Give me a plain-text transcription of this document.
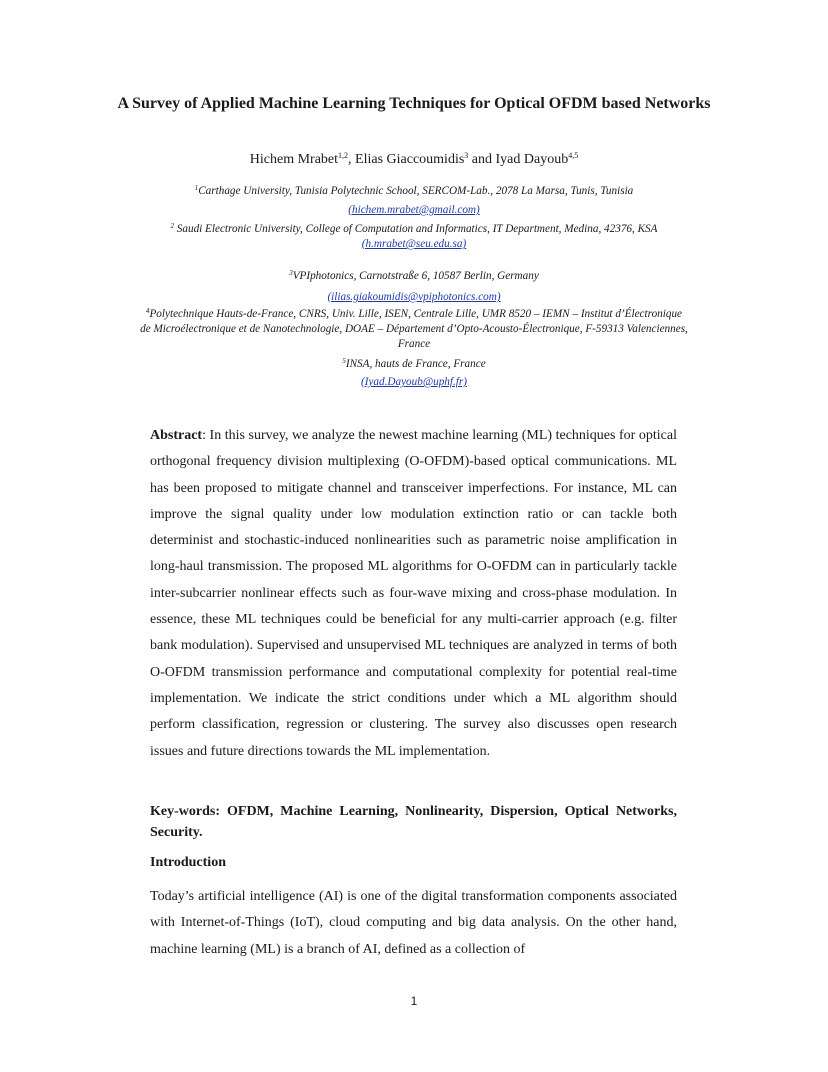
A Survey of Applied Machine Learning Techniques for Optical OFDM based Networks
Hichem Mrabet$^{1,2}$, Elias Giaccoumidis$^3$ and Iyad Dayoub$^{4,5}$
$^1$Carthage University, Tunisia Polytechnic School, SERCOM-Lab., 2078 La Marsa, Tunis, Tunisia
(hichem.mrabet@gmail.com)
$^2$ Saudi Electronic University, College of Computation and Informatics, IT Department, Medina, 42376, KSA
(h.mrabet@seu.edu.sa)
$^3$VPIphotonics, Carnotstraße 6, 10587 Berlin, Germany
(ilias.giakoumidis@vpiphotonics.com)
$^4$Polytechnique Hauts-de-France, CNRS, Univ. Lille, ISEN, Centrale Lille, UMR 8520 – IEMN – Institut d’Électronique de Microélectronique et de Nanotechnologie, DOAE – Département d’Opto-Acousto-Électronique, F-59313 Valenciennes, France
$^5$INSA, hauts de France, France
(Iyad.Dayoub@uphf.fr)
Abstract: In this survey, we analyze the newest machine learning (ML) techniques for optical orthogonal frequency division multiplexing (O-OFDM)-based optical communications. ML has been proposed to mitigate channel and transceiver imperfections. For instance, ML can improve the signal quality under low modulation extinction ratio or can tackle both determinist and stochastic-induced nonlinearities such as parametric noise amplification in long-haul transmission. The proposed ML algorithms for O-OFDM can in particularly tackle inter-subcarrier nonlinear effects such as four-wave mixing and cross-phase modulation. In essence, these ML techniques could be beneficial for any multi-carrier approach (e.g. filter bank modulation). Supervised and unsupervised ML techniques are analyzed in terms of both O-OFDM transmission performance and computational complexity for potential real-time implementation. We indicate the strict conditions under which a ML algorithm should perform classification, regression or clustering. The survey also discusses open research issues and future directions towards the ML implementation.
Key-words: OFDM, Machine Learning, Nonlinearity, Dispersion, Optical Networks, Security.
Introduction
Today’s artificial intelligence (AI) is one of the digital transformation components associated with Internet-of-Things (IoT), cloud computing and big data analysis. On the other hand, machine learning (ML) is a branch of AI, defined as a collection of
1
